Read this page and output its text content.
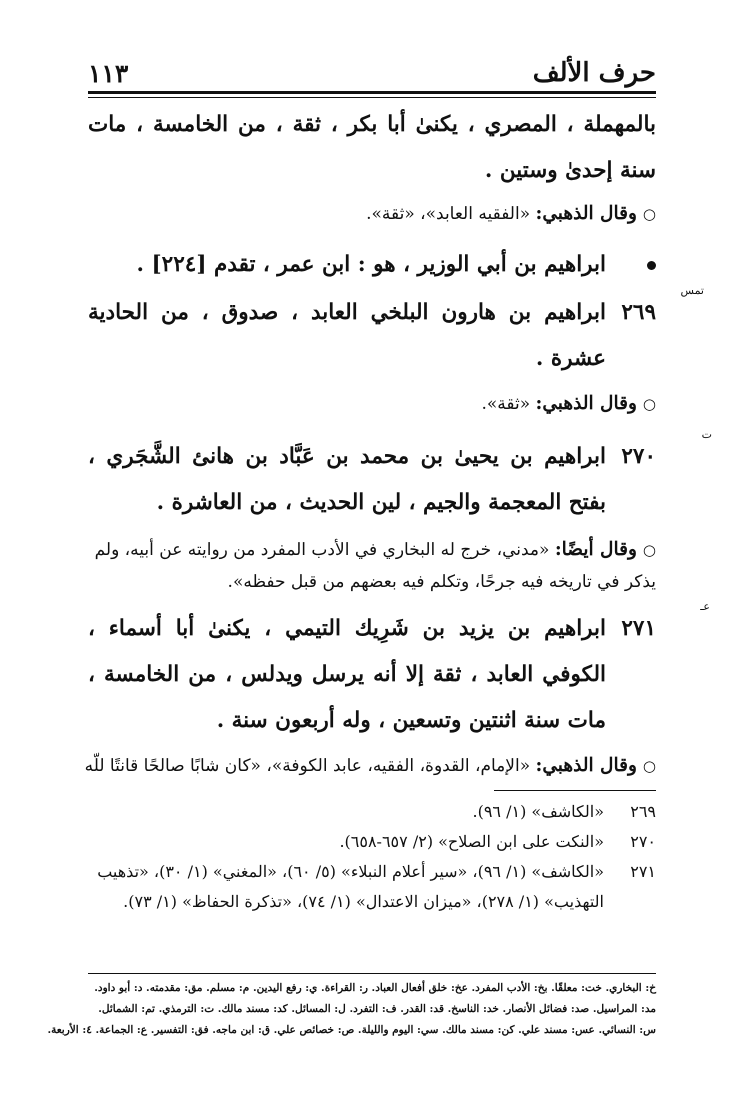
حرف الألف
١١٣

بالمهملة ، المصري ، يكنىٰ أبا بكر ، ثقة ، من الخامسة ، مات سنة إحدىٰ وستين .

○وقال الذهبي: «الفقيه العابد»، «ثقة».

ابراهيم بن أبي الوزير ، هو : ابن عمر ، تقدم [٢٢٤] .
تمس
٢٦٩
ابراهيم بن هارون البلخي العابد ، صدوق ، من الحادية عشرة .

○وقال الذهبي: «ثقة».

ت
٢٧٠
ابراهيم بن يحيىٰ بن محمد بن عَبَّاد بن هانئ الشَّجَري ، بفتح المعجمة والجيم ، لين الحديث ، من العاشرة .

○وقال أيضًا: «مدني، خرج له البخاري في الأدب المفرد من روايته عن أبيه، ولم يذكر في تاريخه فيه جرحًا، وتكلم فيه بعضهم من قبل حفظه».

عـ
٢٧١
ابراهيم بن يزيد بن شَرِيك التيمي ، يكنىٰ أبا أسماء ، الكوفي العابد ، ثقة إلا أنه يرسل ويدلس ، من الخامسة ، مات سنة اثنتين وتسعين ، وله أربعون سنة .

○وقال الذهبي: «الإمام، القدوة، الفقيه، عابد الكوفة»، «كان شابًا صالحًا قانتًا للّه

٢٦٩
«الكاشف» (١/ ٩٦).
٢٧٠
«النكت على ابن الصلاح» (٢/ ٦٥٧-٦٥٨).
٢٧١
«الكاشف» (١/ ٩٦)، «سير أعلام النبلاء» (٥/ ٦٠)، «المغني» (١/ ٣٠)، «تذهيب التهذيب» (١/ ٢٧٨)، «ميزان الاعتدال» (١/ ٧٤)، «تذكرة الحفاظ» (١/ ٧٣).

خ: البخاري. خت: معلقًا. بخ: الأدب المفرد. عخ: خلق أفعال العباد. ر: القراءة. ي: رفع اليدين. م: مسلم. مق: مقدمته. د: أبو داود.

مد: المراسيل. صد: فضائل الأنصار. خد: الناسخ. قد: القدر. ف: التفرد. ل: المسائل. كد: مسند مالك. ت: الترمذي. تم: الشمائل.

س: النسائي. عس: مسند علي. كن: مسند مالك. سي: اليوم والليلة. ص: خصائص علي. ق: ابن ماجه. فق: التفسير. ع: الجماعة. ٤: الأربعة.
